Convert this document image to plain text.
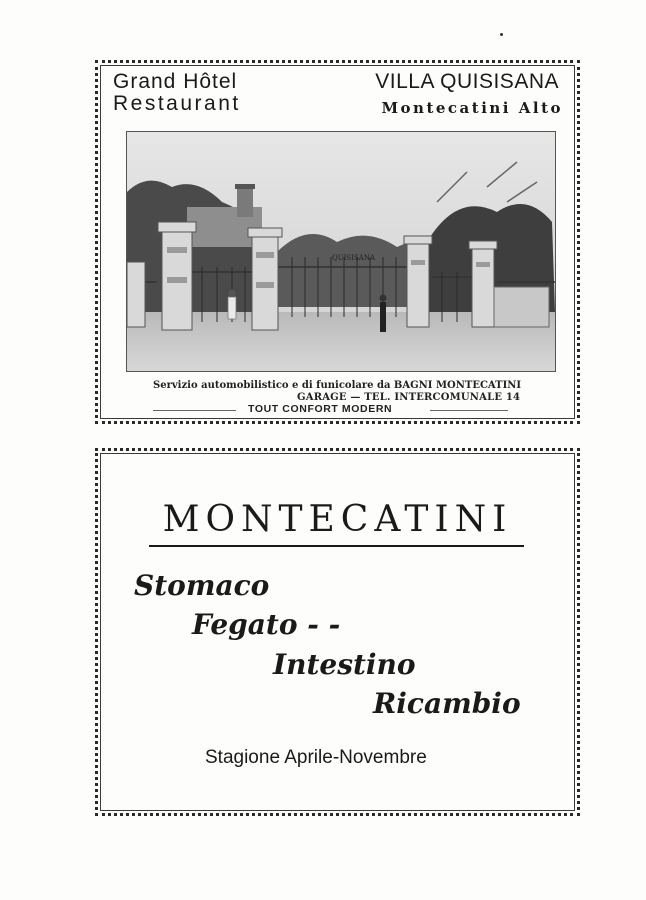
Grand Hôtel
Restaurant
VILLA QUISISANA
Montecatini Alto
QUISISANA
Servizio automobilistico e di funicolare da BAGNI MONTECATINI
GARAGE — TEL. INTERCOMUNALE 14
TOUT CONFORT MODERN
MONTECATINI
Stomaco
Fegato - -
Intestino
Ricambio
Stagione Aprile-Novembre
